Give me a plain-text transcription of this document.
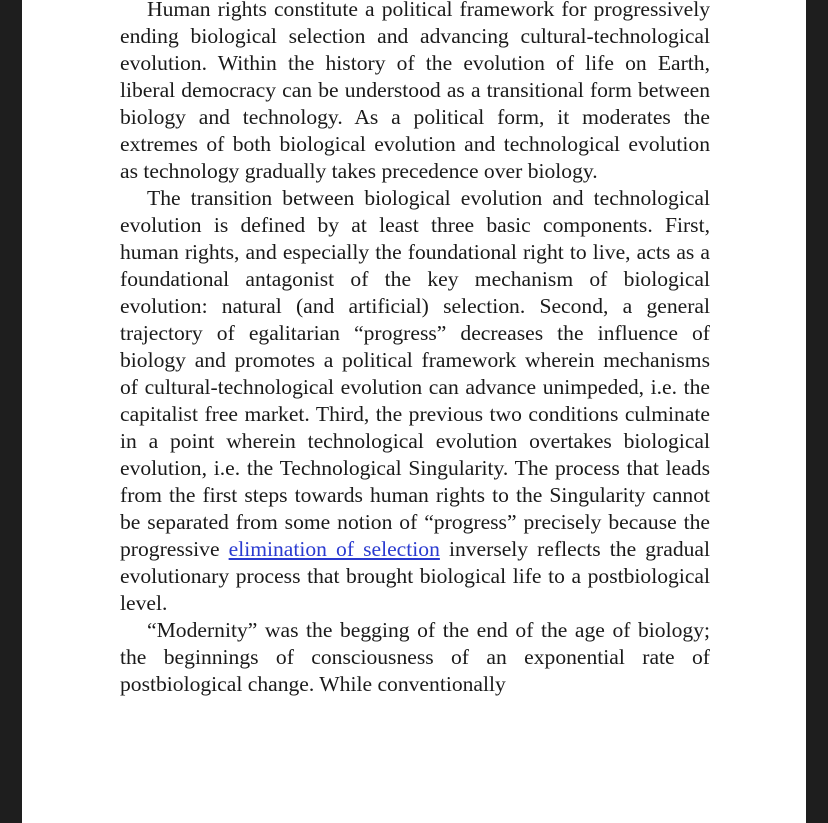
Human rights constitute a political framework for progressively ending biological selection and advancing cultural-technological evolution. Within the history of the evolution of life on Earth, liberal democracy can be understood as a transitional form between biology and technology. As a political form, it moderates the extremes of both biological evolution and technological evolution as technology gradually takes precedence over biology.

The transition between biological evolution and technological evolution is defined by at least three basic components. First, human rights, and especially the foundational right to live, acts as a foundational antagonist of the key mechanism of biological evolution: natural (and artificial) selection. Second, a general trajectory of egalitarian “progress” decreases the influence of biology and promotes a political framework wherein mechanisms of cultural-technological evolution can advance unimpeded, i.e. the capitalist free market. Third, the previous two conditions culminate in a point wherein technological evolution overtakes biological evolution, i.e. the Technological Singularity. The process that leads from the first steps towards human rights to the Singularity cannot be separated from some notion of “progress” precisely because the progressive elimination of selection inversely reflects the gradual evolutionary process that brought biological life to a postbiological level.

“Modernity” was the begging of the end of the age of biology; the beginnings of consciousness of an exponential rate of postbiological change. While conventionally
